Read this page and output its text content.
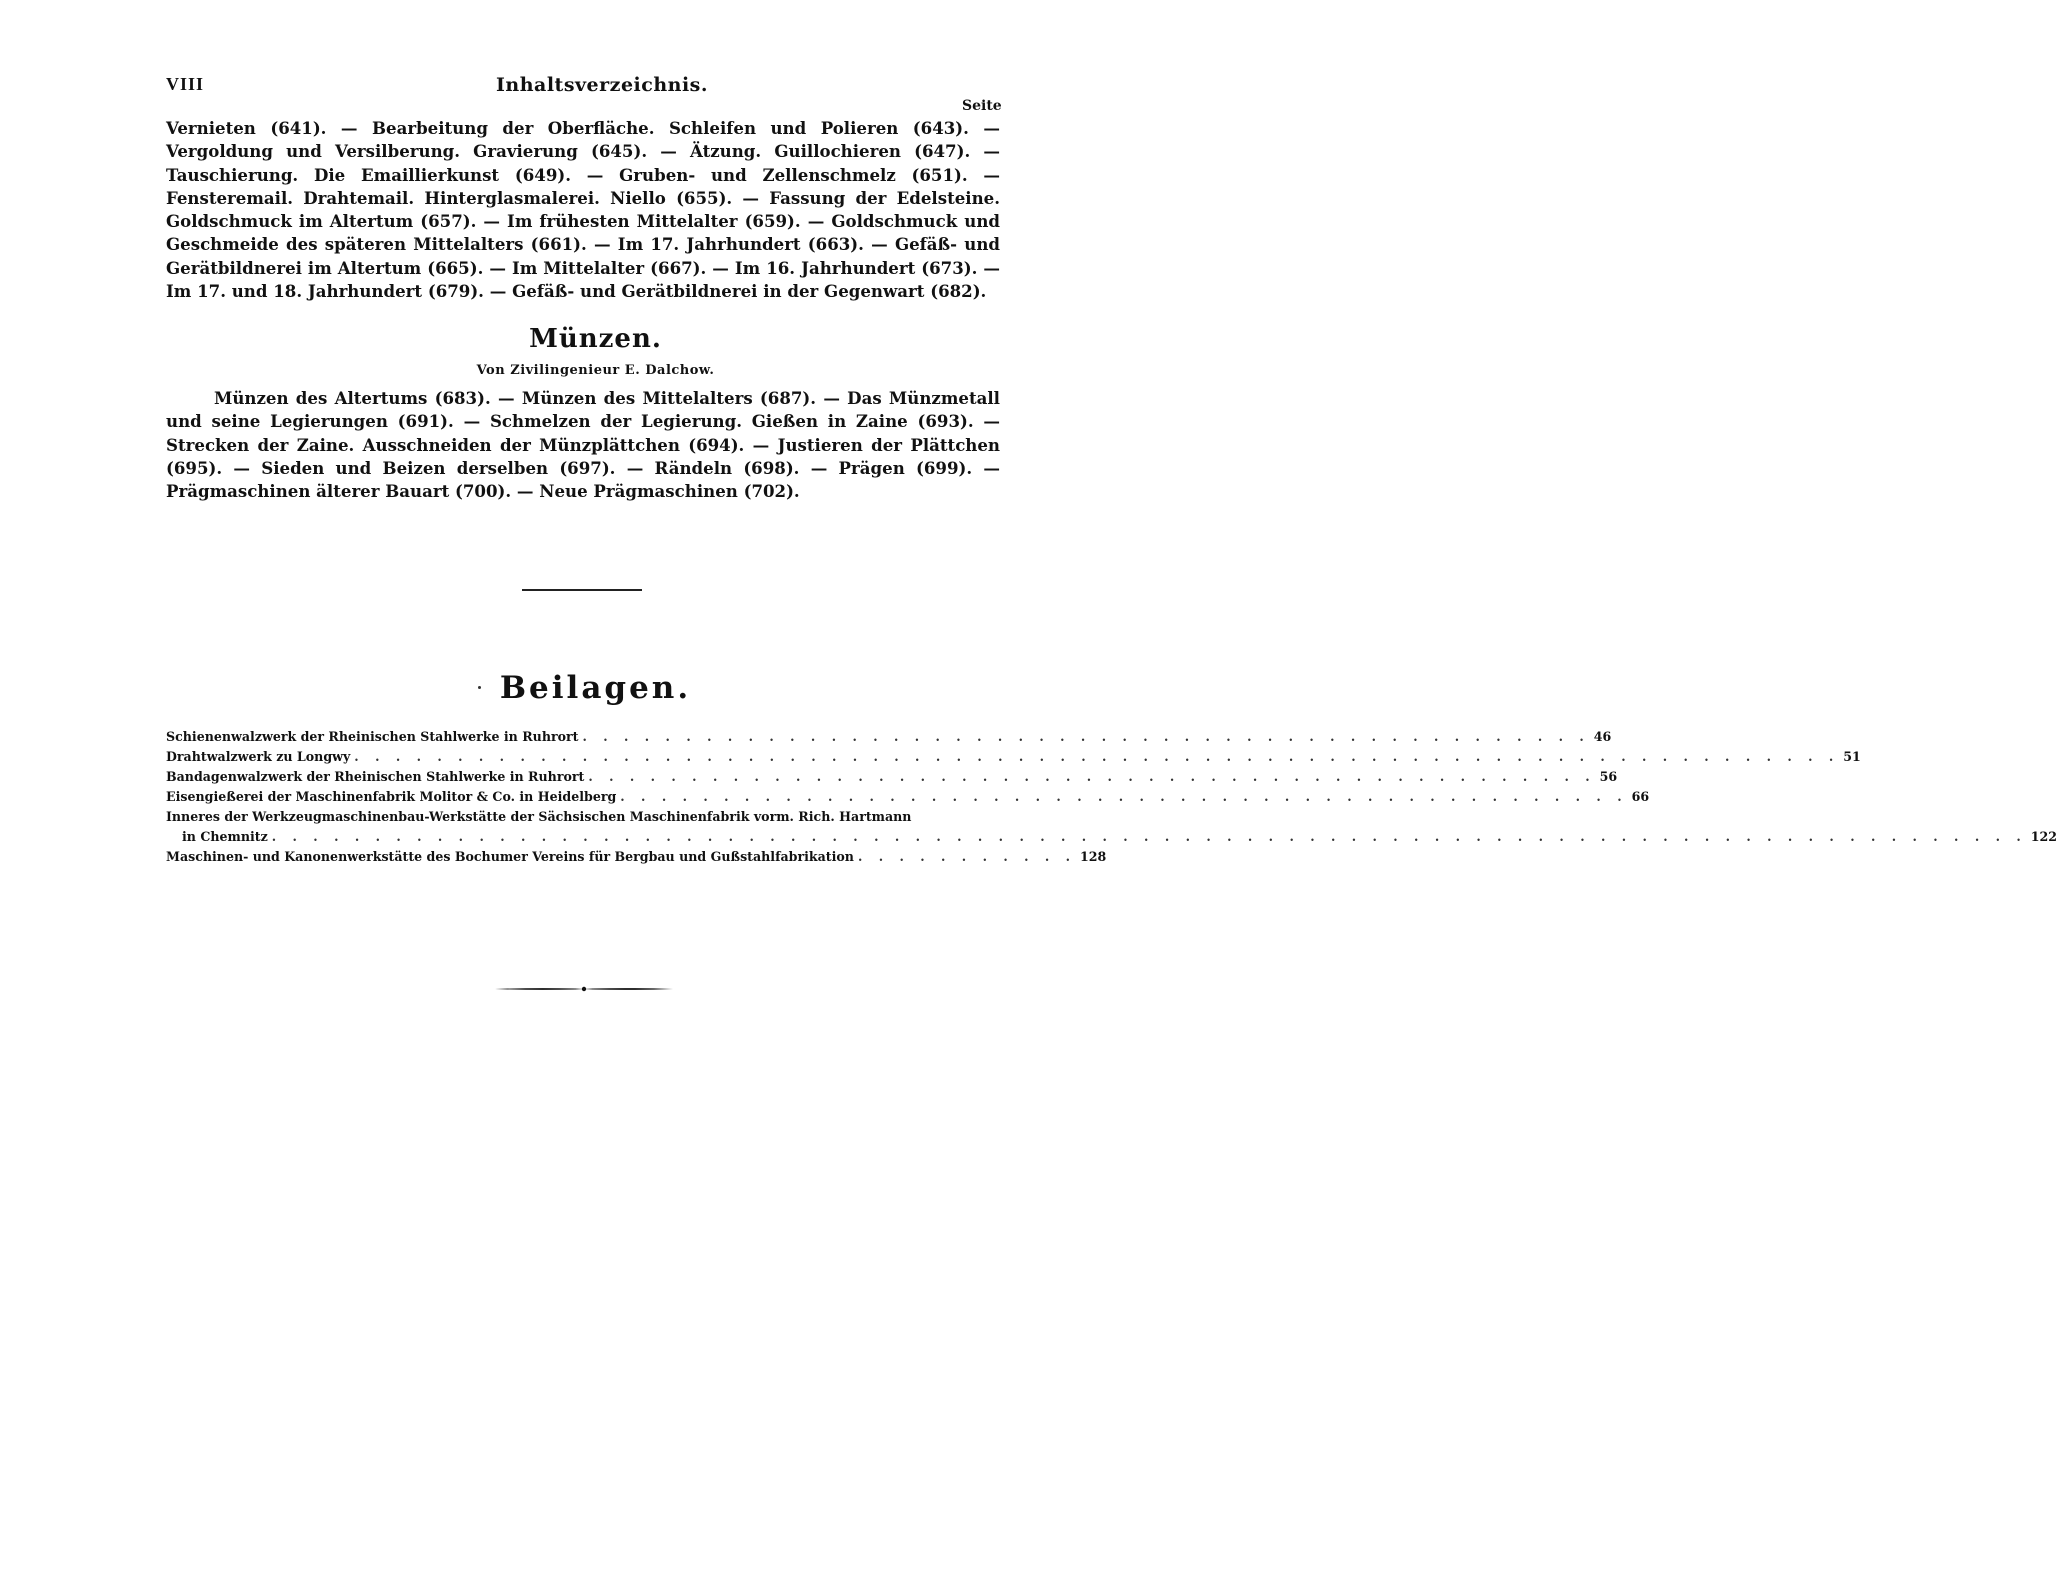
VIII	Inhaltsverzeichnis.
Seite
Vernieten (641). — Bearbeitung der Oberfläche. Schleifen und Polieren (643). — Vergoldung und Versilberung. Gravierung (645). — Ätzung. Guillochieren (647). — Tauschierung. Die Emaillierkunst (649). — Gruben- und Zellenschmelz (651). — Fensteremail. Drahtemail. Hinterglasmalerei. Niello (655). — Fassung der Edelsteine. Goldschmuck im Altertum (657). — Im frühesten Mittelalter (659). — Goldschmuck und Geschmeide des späteren Mittelalters (661). — Im 17. Jahrhundert (663). — Gefäß- und Gerätbildnerei im Altertum (665). — Im Mittelalter (667). — Im 16. Jahrhundert (673). — Im 17. und 18. Jahrhundert (679). — Gefäß- und Gerätbildnerei in der Gegenwart (682).
Münzen.
Von Zivilingenieur E. Dalchow.
Münzen des Altertums (683). — Münzen des Mittelalters (687). — Das Münzmetall und seine Legierungen (691). — Schmelzen der Legierung. Gießen in Zaine (693). — Strecken der Zaine. Ausschneiden der Münzplättchen (694). — Justieren der Plättchen (695). — Sieden und Beizen derselben (697). — Rändeln (698). — Prägen (699). — Prägmaschinen älterer Bauart (700). — Neue Prägmaschinen (702).
Beilagen.
Schienenwalzwerk der Rheinischen Stahlwerke in Ruhrort . . . . . . . . . . . . . . . . . . . . . . . . . . . . . . . . . . . . . . . . . . . . . . . . . 46
Drahtwalzwerk zu Longwy . . . . . . . . . . . . . . . . . . . . . . . . . . . . . . . . . . . . . . . . . . . . . . . . . . . . . . . . . . . . . . . . . . . . . . . . 51
Bandagenwalzwerk der Rheinischen Stahlwerke in Ruhrort . . . . . . . . . . . . . . . . . . . . . . . . . . . . . . . . . . . . . . . . . . . . . . . . . 56
Eisengießerei der Maschinenfabrik Molitor & Co. in Heidelberg . . . . . . . . . . . . . . . . . . . . . . . . . . . . . . . . . . . . . . . . . . . . . . . . . 66
Inneres der Werkzeugmaschinenbau-Werkstätte der Sächsischen Maschinenfabrik vorm. Rich. Hartmann
in Chemnitz . . . . . . . . . . . . . . . . . . . . . . . . . . . . . . . . . . . . . . . . . . . . . . . . . . . . . . . . . . . . . . . . . . . . . . . . . . . . . . . . . . . . . 122
Maschinen- und Kanonenwerkstätte des Bochumer Vereins für Bergbau und Gußstahlfabrikation . . . . . . . . . . . 128
